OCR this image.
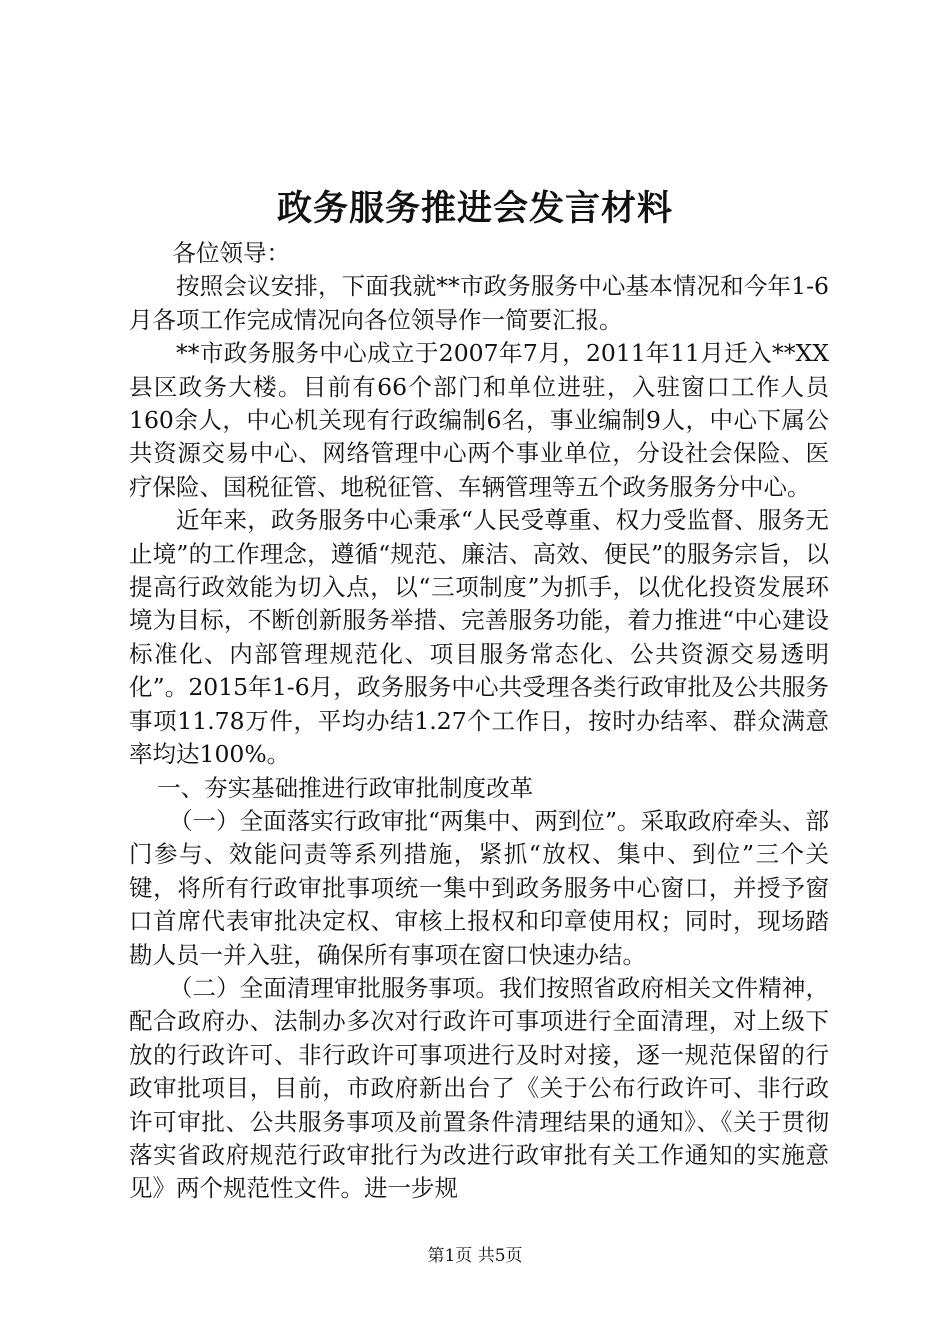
政务服务推进会发言材料

各位领导：

按照会议安排，下面我就**市政务服务中心基本情况和今年1-6月各项工作完成情况向各位领导作一简要汇报。

**市政务服务中心成立于2007年7月，2011年11月迁入**XX县区政务大楼。目前有66个部门和单位进驻，入驻窗口工作人员160余人，中心机关现有行政编制6名，事业编制9人，中心下属公共资源交易中心、网络管理中心两个事业单位，分设社会保险、医疗保险、国税征管、地税征管、车辆管理等五个政务服务分中心。

近年来，政务服务中心秉承“人民受尊重、权力受监督、服务无止境”的工作理念，遵循“规范、廉洁、高效、便民”的服务宗旨，以提高行政效能为切入点，以“三项制度”为抓手，以优化投资发展环境为目标，不断创新服务举措、完善服务功能，着力推进“中心建设标准化、内部管理规范化、项目服务常态化、公共资源交易透明化”。2015年1-6月，政务服务中心共受理各类行政审批及公共服务事项11.78万件，平均办结1.27个工作日，按时办结率、群众满意率均达100%。

一、夯实基础推进行政审批制度改革

（一）全面落实行政审批“两集中、两到位”。采取政府牵头、部门参与、效能问责等系列措施，紧抓“放权、集中、到位”三个关键，将所有行政审批事项统一集中到政务服务中心窗口，并授予窗口首席代表审批决定权、审核上报权和印章使用权；同时，现场踏勘人员一并入驻，确保所有事项在窗口快速办结。

（二）全面清理审批服务事项。我们按照省政府相关文件精神，配合政府办、法制办多次对行政许可事项进行全面清理，对上级下放的行政许可、非行政许可事项进行及时对接，逐一规范保留的行政审批项目，目前，市政府新出台了《关于公布行政许可、非行政许可审批、公共服务事项及前置条件清理结果的通知》、《关于贯彻落实省政府规范行政审批行为改进行政审批有关工作通知的实施意见》两个规范性文件。进一步规

第1页 共5页
